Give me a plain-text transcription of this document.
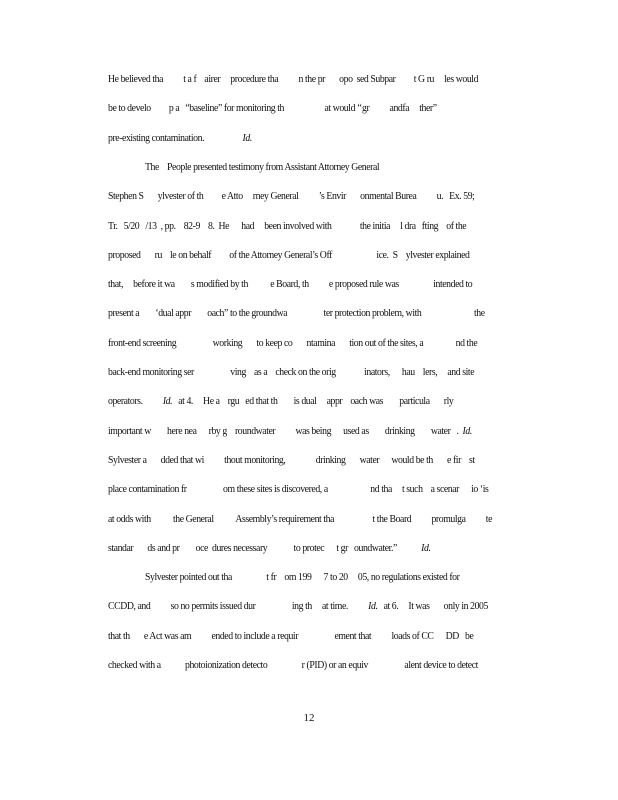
He believed tha          t a f    airer     procedure tha          n the pr       opo  sed Subpar         t G ru     les would
be to develo         p a   “baseline” for monitoring th                    at would ‘‘gr          andfa     ther”
pre-existing contamination.                   Id.
The    People presented testimony from Assistant Attorney General
Stephen S       ylvester of th         e Atto     rney General          ’s Envir       onmental Burea          u.   Ex. 59;
Tr.   5/20   /13  , pp.    82-9    8.  He      had     been involved with              the initia     l dra   fting    of the
proposed       ru    le on behalf         of the Attorney General’s Off                      ice.  S    ylvester explained
that,     before it wa        s modified by th           e Board, th          e proposed rule was                 intended to
present a        ‘dual appr        oach” to the groundwa                  ter protection problem, with                          the
front-end screening                  working       to keep co       ntamina       tion out of the sites, a                nd the
back-end monitoring ser                  ving    as a    check on the orig              inators,      hau    lers,     and site
operators.          Id.   at 4.     He a    rgu   ed that th        is dual     appr    oach was        particula       rly
important w        here nea      rby g    roundwater          was being      used as        drinking        water   .  Id.
Sylvester a       dded that wi          thout monitoring,               drinking       water      would be th       e fir    st
place contamination fr                  om these sites is discovered, a                     nd tha     t such    a scenar      io ‘is
at odds with           the General           Assembly’s requirement tha                   t the Board          promulga          te
standar       ds and pr        oce  dures necessary             to protec      t gr   oundwater.”            Id.
Sylvester pointed out tha                 t fr    om 199      7 to 20     05, no regulations existed for
CCDD, and          so no permits issued dur                  ing th     at time.          Id.   at 6.     It was       only in 2005
that th       e Act was am          ended to include a requir                  ement that          loads of CC      DD   be
checked with a            photoionization detecto                 r (PID) or an equiv                  alent device to detect
12
